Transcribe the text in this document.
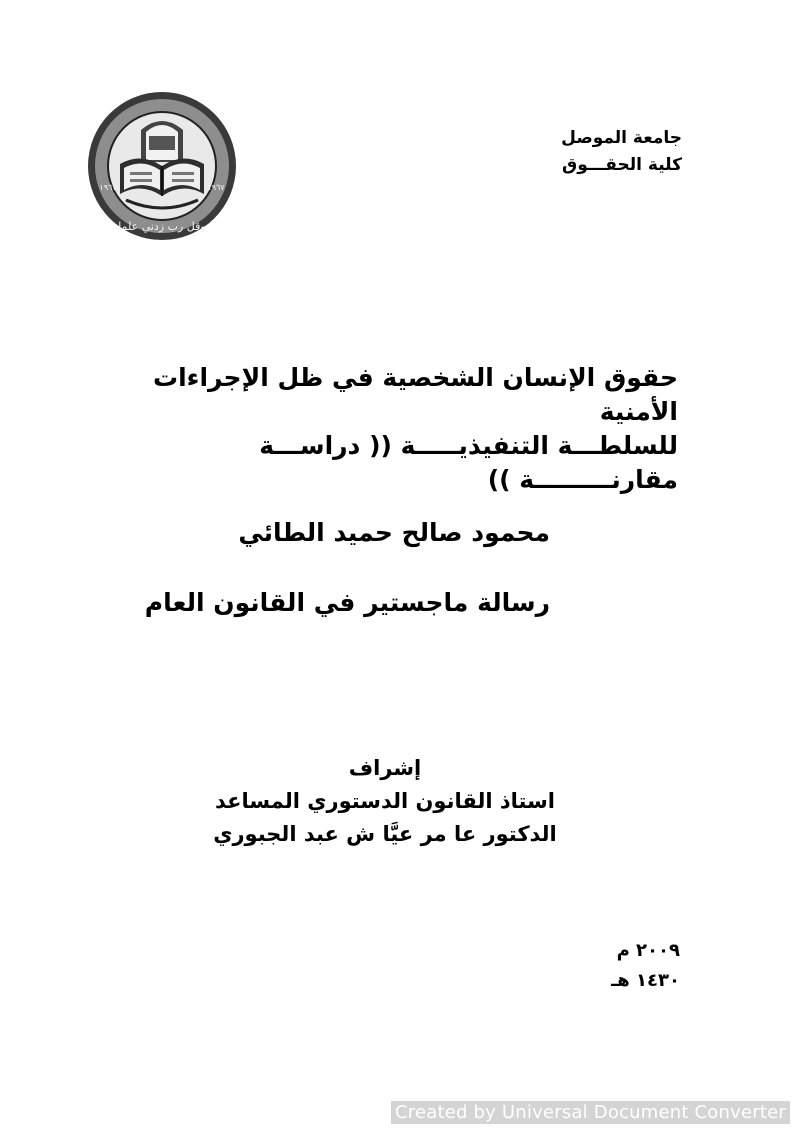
وقل رب زدني علما
١٩٦٧	١٩٦٧
جامعة الموصل
كلية الحقـــوق
حقوق الإنسان الشخصية في ظل الإجراءات الأمنية
للسلطـــة التنفيذيـــــة (( دراســـة مقارنـــــــــة ))
محمود صالح حميد الطائي
رسالة ماجستير في القانون العام
إشراف
استاذ القانون الدستوري المساعد
الدكتور عا مر عيَّا ش عبد الجبوري
٢٠٠٩ م
١٤٣٠ هـ
Created by Universal Document Converter
